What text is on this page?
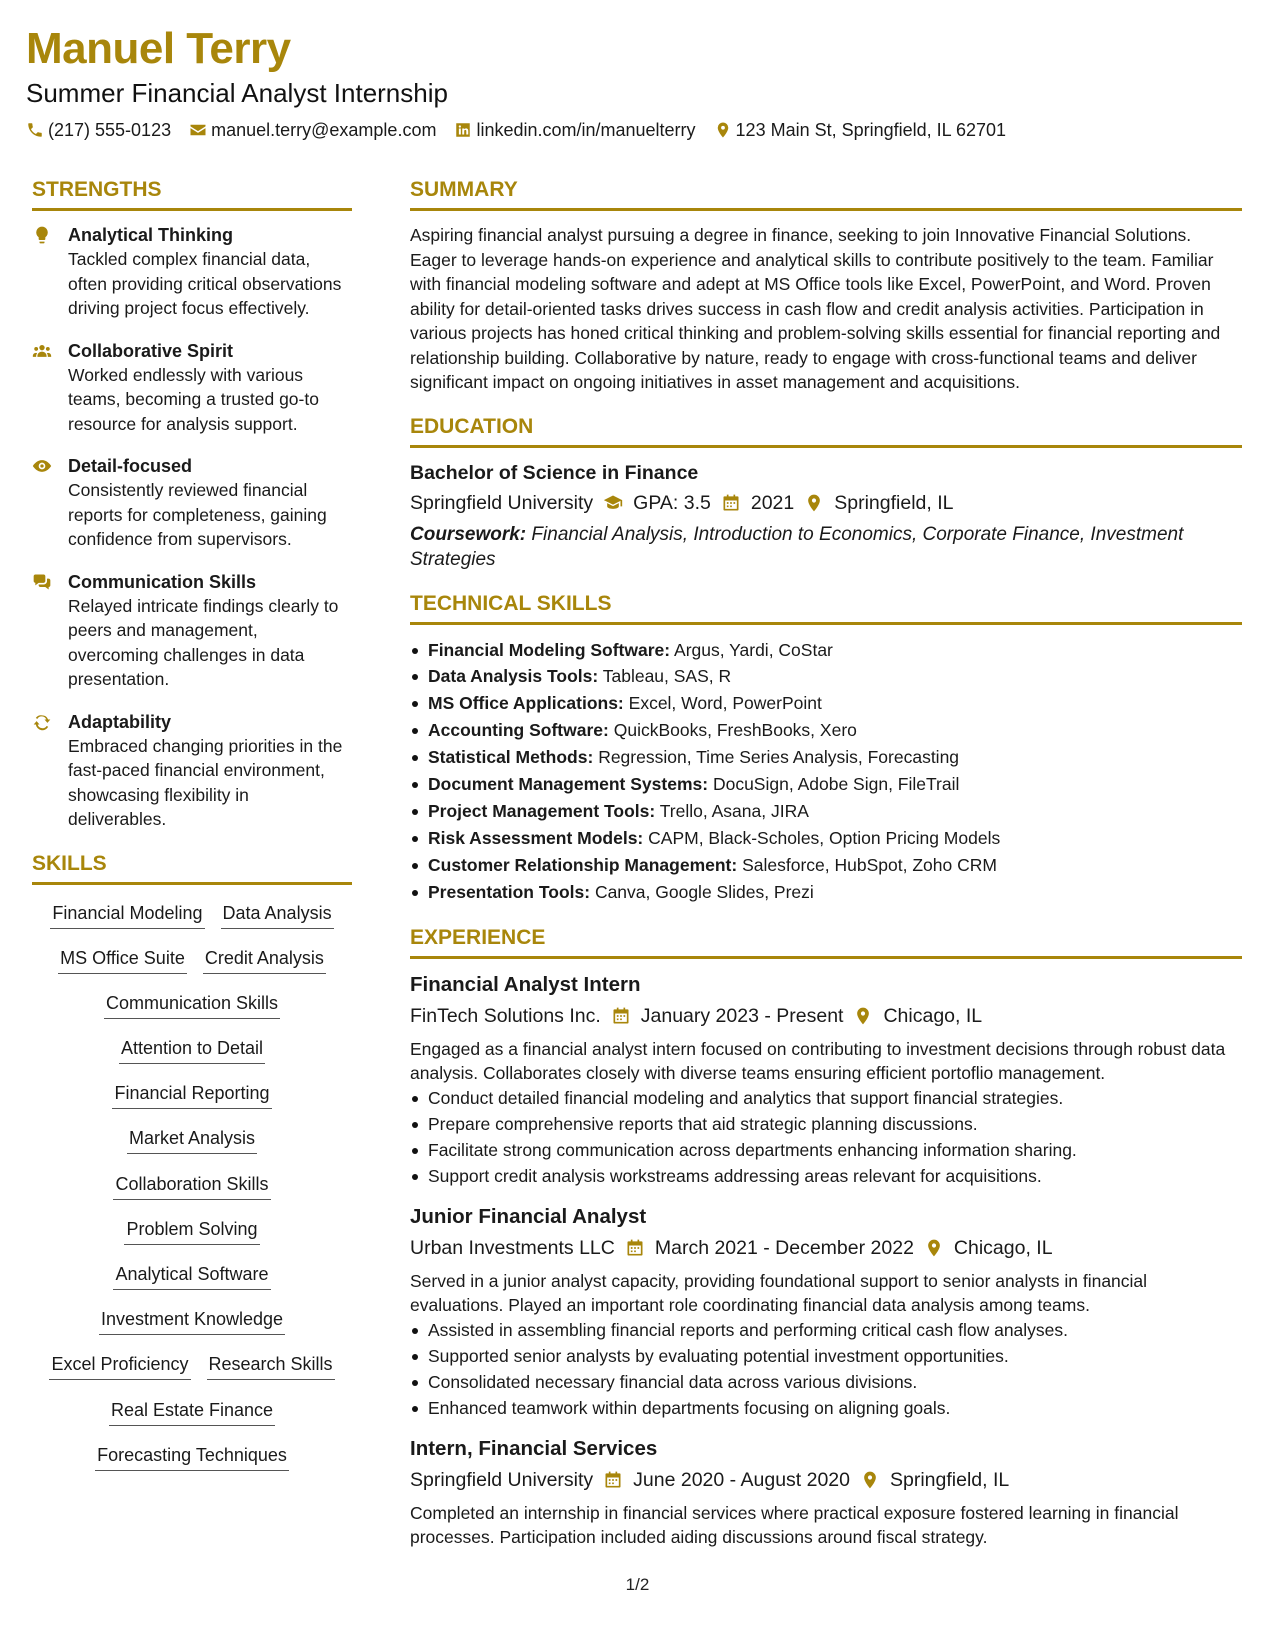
Manuel Terry
Summer Financial Analyst Internship
(217) 555-0123 manuel.terry@example.com linkedin.com/in/manuelterry 123 Main St, Springfield, IL 62701
STRENGTHS
Analytical Thinking
Tackled complex financial data, often providing critical observations driving project focus effectively.
Collaborative Spirit
Worked endlessly with various teams, becoming a trusted go-to resource for analysis support.
Detail-focused
Consistently reviewed financial reports for completeness, gaining confidence from supervisors.
Communication Skills
Relayed intricate findings clearly to peers and management, overcoming challenges in data presentation.
Adaptability
Embraced changing priorities in the fast-paced financial environment, showcasing flexibility in deliverables.
SKILLS
Financial Modeling Data Analysis
MS Office Suite Credit Analysis
Communication Skills
Attention to Detail
Financial Reporting
Market Analysis
Collaboration Skills
Problem Solving
Analytical Software
Investment Knowledge
Excel Proficiency Research Skills
Real Estate Finance
Forecasting Techniques
SUMMARY
Aspiring financial analyst pursuing a degree in finance, seeking to join Innovative Financial Solutions. Eager to leverage hands-on experience and analytical skills to contribute positively to the team. Familiar with financial modeling software and adept at MS Office tools like Excel, PowerPoint, and Word. Proven ability for detail-oriented tasks drives success in cash flow and credit analysis activities. Participation in various projects has honed critical thinking and problem-solving skills essential for financial reporting and relationship building. Collaborative by nature, ready to engage with cross-functional teams and deliver significant impact on ongoing initiatives in asset management and acquisitions.
EDUCATION
Bachelor of Science in Finance
Springfield University GPA: 3.5 2021 Springfield, IL
Coursework: Financial Analysis, Introduction to Economics, Corporate Finance, Investment Strategies
TECHNICAL SKILLS
Financial Modeling Software: Argus, Yardi, CoStar
Data Analysis Tools: Tableau, SAS, R
MS Office Applications: Excel, Word, PowerPoint
Accounting Software: QuickBooks, FreshBooks, Xero
Statistical Methods: Regression, Time Series Analysis, Forecasting
Document Management Systems: DocuSign, Adobe Sign, FileTrail
Project Management Tools: Trello, Asana, JIRA
Risk Assessment Models: CAPM, Black-Scholes, Option Pricing Models
Customer Relationship Management: Salesforce, HubSpot, Zoho CRM
Presentation Tools: Canva, Google Slides, Prezi
EXPERIENCE
Financial Analyst Intern
FinTech Solutions Inc. January 2023 - Present Chicago, IL
Engaged as a financial analyst intern focused on contributing to investment decisions through robust data analysis. Collaborates closely with diverse teams ensuring efficient portoflio management.
Conduct detailed financial modeling and analytics that support financial strategies.
Prepare comprehensive reports that aid strategic planning discussions.
Facilitate strong communication across departments enhancing information sharing.
Support credit analysis workstreams addressing areas relevant for acquisitions.
Junior Financial Analyst
Urban Investments LLC March 2021 - December 2022 Chicago, IL
Served in a junior analyst capacity, providing foundational support to senior analysts in financial evaluations. Played an important role coordinating financial data analysis among teams.
Assisted in assembling financial reports and performing critical cash flow analyses.
Supported senior analysts by evaluating potential investment opportunities.
Consolidated necessary financial data across various divisions.
Enhanced teamwork within departments focusing on aligning goals.
Intern, Financial Services
Springfield University June 2020 - August 2020 Springfield, IL
Completed an internship in financial services where practical exposure fostered learning in financial processes. Participation included aiding discussions around fiscal strategy.
1/2
